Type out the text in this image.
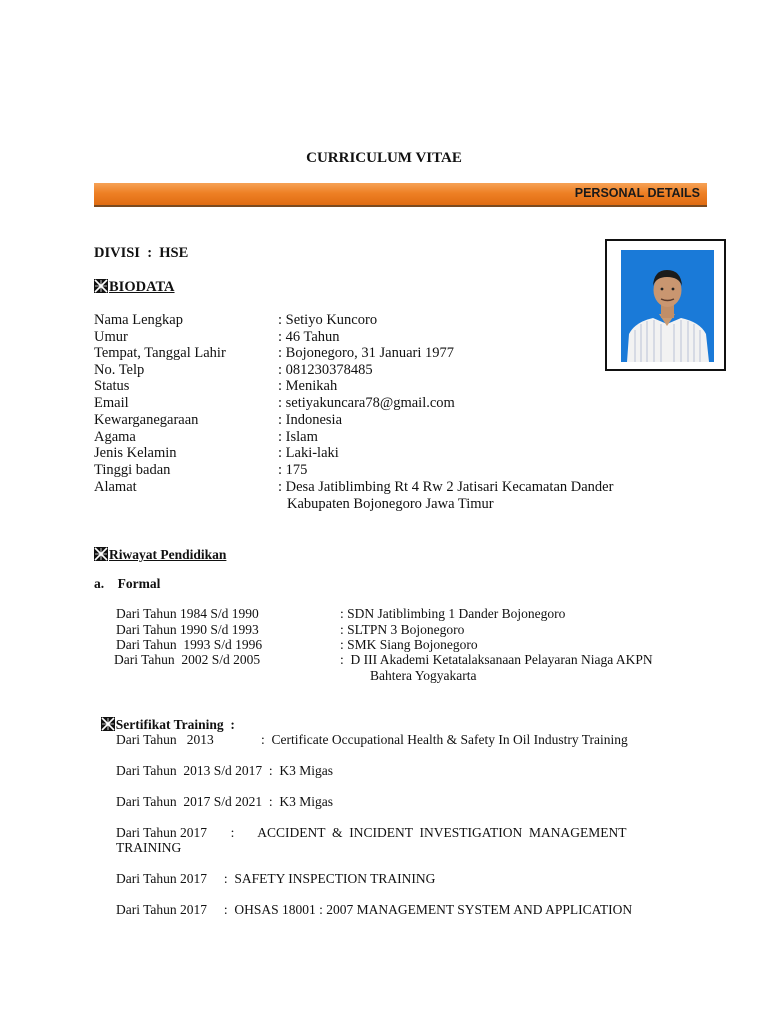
CURRICULUM VITAE
PERSONAL DETAILS
DIVISI : HSE
BIODATA
Nama Lengkap	: Setiyo Kuncoro
Umur	: 46 Tahun
Tempat, Tanggal Lahir	: Bojonegoro, 31 Januari 1977
No. Telp	: 081230378485
Status	: Menikah
Email	: setiyakuncara78@gmail.com
Kewarganegaraan	: Indonesia
Agama	: Islam
Jenis Kelamin	: Laki-laki
Tinggi badan	: 175
Alamat	: Desa Jatiblimbing Rt 4 Rw 2 Jatisari Kecamatan Dander
Kabupaten Bojonegoro Jawa Timur
Riwayat Pendidikan
a.    Formal
Dari Tahun 1984 S/d 1990	: SDN Jatiblimbing 1 Dander Bojonegoro
Dari Tahun 1990 S/d 1993	: SLTPN 3 Bojonegoro
Dari Tahun  1993 S/d 1996	: SMK Siang Bojonegoro
Dari Tahun  2002 S/d 2005	:  D III Akademi Ketatalaksanaan Pelayaran Niaga AKPN
Bahtera Yogyakarta

Sertifikat Training  :

Dari Tahun   2013              :  Certificate Occupational Health & Safety In Oil Industry Training
Dari Tahun  2013 S/d 2017  :  K3 Migas
Dari Tahun  2017 S/d 2021  :  K3 Migas
Dari Tahun 2017       :       ACCIDENT  &  INCIDENT  INVESTIGATION  MANAGEMENT
TRAINING
Dari Tahun 2017     :  SAFETY INSPECTION TRAINING
Dari Tahun 2017     :  OHSAS 18001 : 2007 MANAGEMENT SYSTEM AND APPLICATION
